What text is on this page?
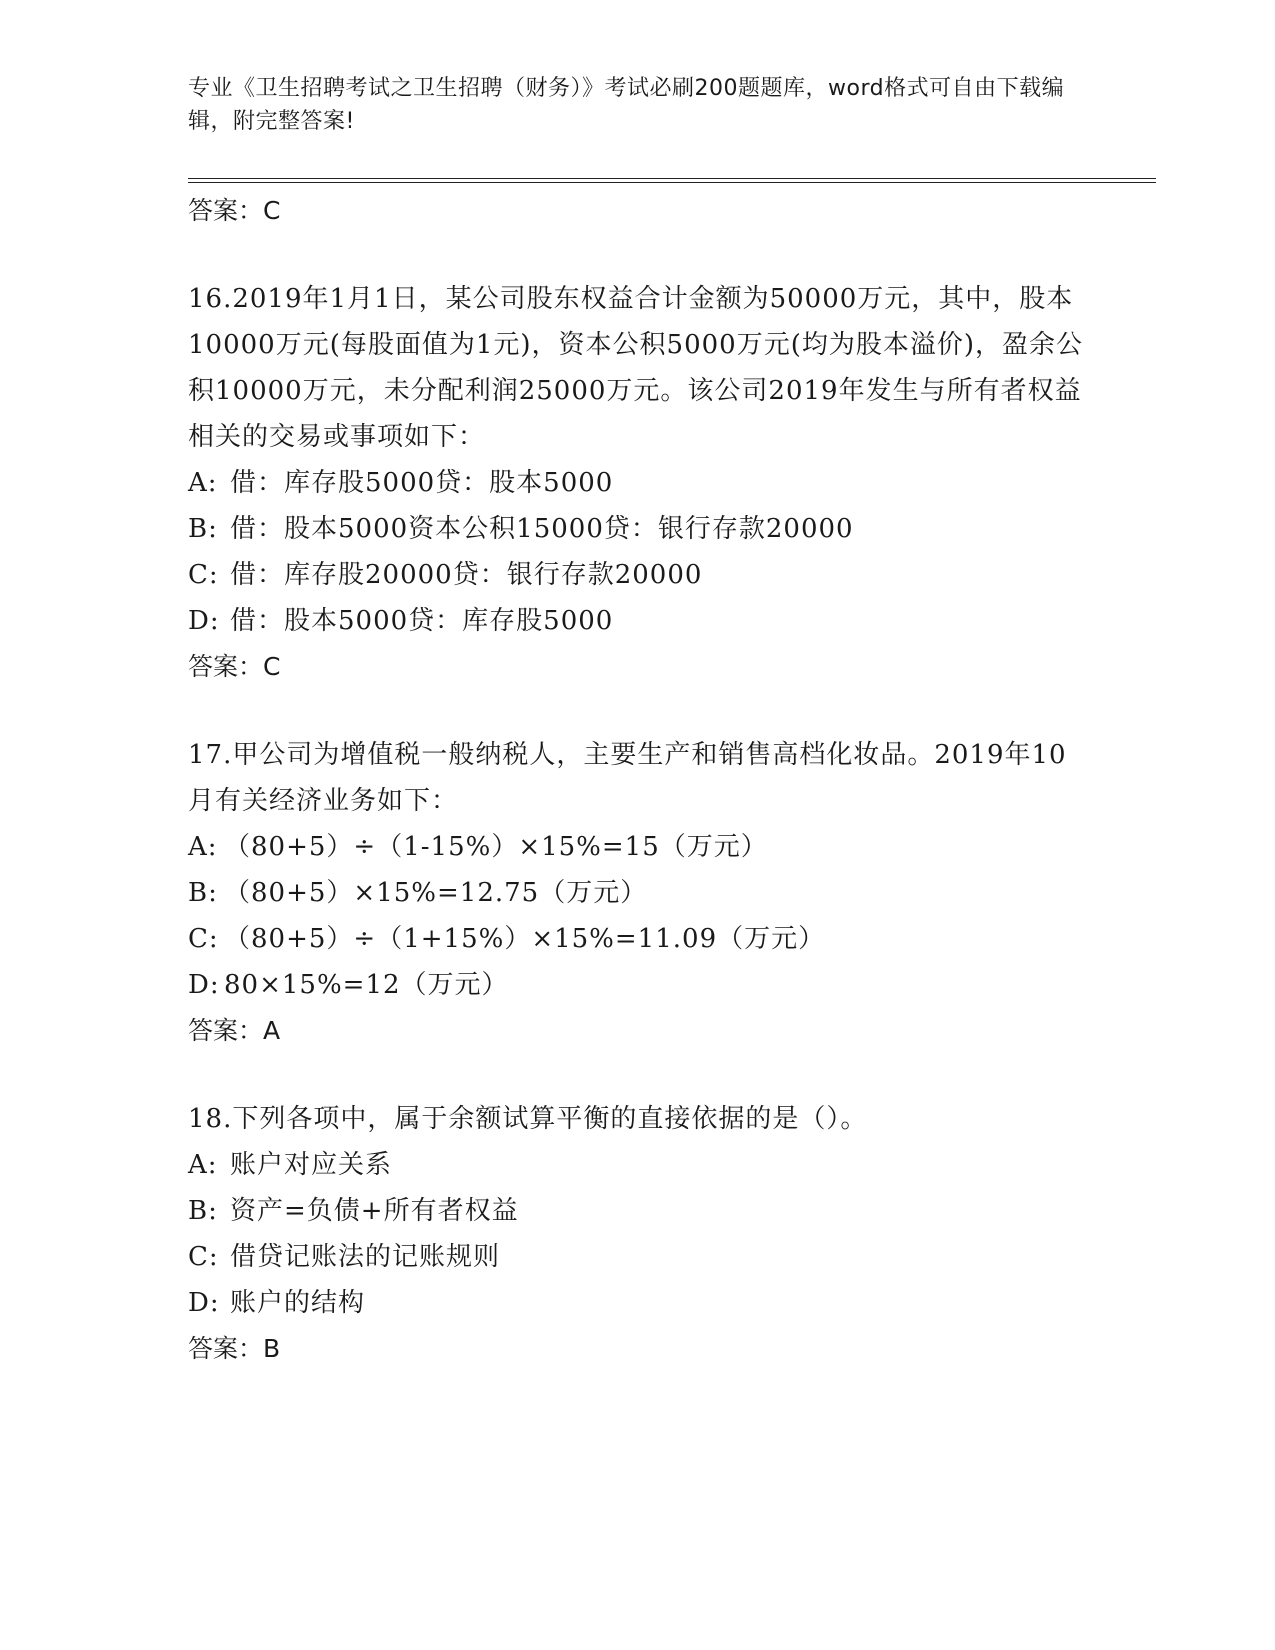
专业《卫生招聘考试之卫生招聘（财务）》考试必刷200题题库，word格式可自由下载编辑，附完整答案!

答案：C

16.2019年1月1日，某公司股东权益合计金额为50000万元，其中，股本10000万元(每股面值为1元)，资本公积5000万元(均为股本溢价)，盈余公积10000万元，未分配利润25000万元。该公司2019年发生与所有者权益相关的交易或事项如下：

A: 借：库存股5000贷：股本5000
B: 借：股本5000资本公积15000贷：银行存款20000
C: 借：库存股20000贷：银行存款20000
D: 借：股本5000贷：库存股5000
答案：C

17.甲公司为增值税一般纳税人，主要生产和销售高档化妆品。2019年10月有关经济业务如下：

A: （80+5）÷（1-15%）×15%=15（万元）
B: （80+5）×15%=12.75（万元）
C: （80+5）÷（1+15%）×15%=11.09（万元）
D: 80×15%=12（万元）
答案：A

18.下列各项中，属于余额试算平衡的直接依据的是（）。

A: 账户对应关系
B: 资产=负债+所有者权益
C: 借贷记账法的记账规则
D: 账户的结构
答案：B
